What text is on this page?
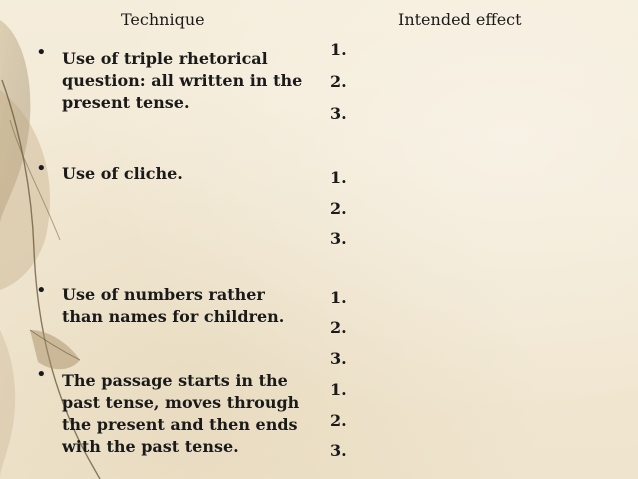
Technique	Intended effect
• Use of triple rhetorical
question: all written in the
present tense.
1.
2.
3.
• Use of cliche.	1.
2.
3.
• Use of numbers rather
than names for children.
1.
2.
3.
• The passage starts in the
past tense, moves through
the present and then ends
with the past tense.
1.
2.
3.
